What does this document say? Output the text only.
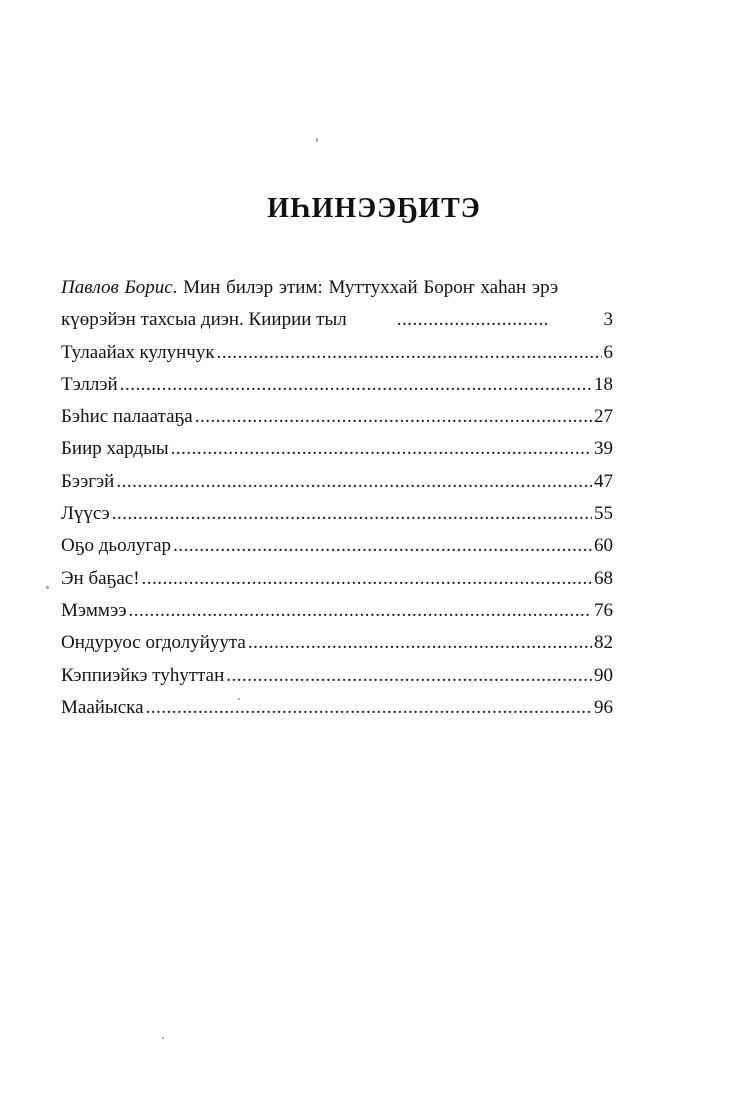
ИҺИНЭЭҔИТЭ
Павлов Борис. Мин билэр этим: Муттуххай Бороҥ хаһан эрэ
күөрэйэн тахсыа диэн. Киирии тыл .....	3
Тулаайах кулунчук .....	6
Тэллэй .....	18
Бэһис палаатаҕа .....	27
Биир хардыы .....	39
Бээгэй .....	47
Лүүсэ .....	55
Оҕо дьолугар .....	60
Эн баҕас! .....	68
Мэммээ .....	76
Ондуруос огдолуйуута .....	82
Кэппиэйкэ туһуттан .....	90
Маайыска .....	96
